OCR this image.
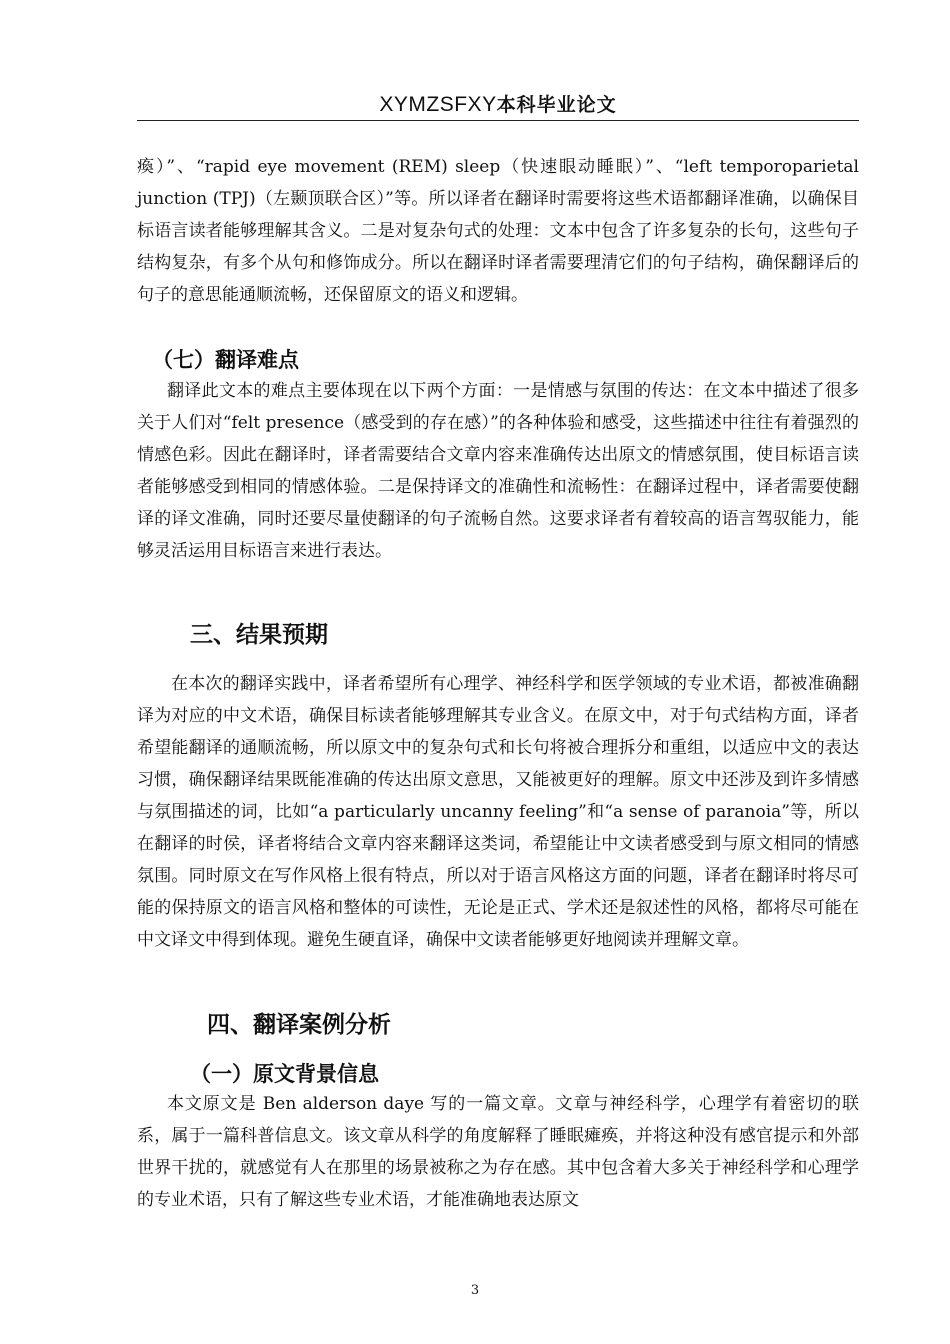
XYMZSFXY本科毕业论文

瘓）”、“rapid eye movement (REM) sleep（快速眼动睡眠）”、“left temporoparietal junction (TPJ)（左颞顶联合区）”等。所以译者在翻译时需要将这些术语都翻译准确，以确保目标语言读者能够理解其含义。二是对复杂句式的处理：文本中包含了许多复杂的长句，这些句子结构复杂，有多个从句和修饰成分。所以在翻译时译者需要理清它们的句子结构，确保翻译后的句子的意思能通顺流畅，还保留原文的语义和逻辑。

（七）翻译难点

翻译此文本的难点主要体现在以下两个方面：一是情感与氛围的传达：在文本中描述了很多关于人们对“felt presence（感受到的存在感）”的各种体验和感受，这些描述中往往有着强烈的情感色彩。因此在翻译时，译者需要结合文章内容来准确传达出原文的情感氛围，使目标语言读者能够感受到相同的情感体验。二是保持译文的准确性和流畅性：在翻译过程中，译者需要使翻译的译文准确，同时还要尽量使翻译的句子流畅自然。这要求译者有着较高的语言驾驭能力，能够灵活运用目标语言来进行表达。

三、结果预期

在本次的翻译实践中，译者希望所有心理学、神经科学和医学领域的专业术语，都被准确翻译为对应的中文术语，确保目标读者能够理解其专业含义。在原文中，对于句式结构方面，译者希望能翻译的通顺流畅，所以原文中的复杂句式和长句将被合理拆分和重组，以适应中文的表达习惯，确保翻译结果既能准确的传达出原文意思，又能被更好的理解。原文中还涉及到许多情感与氛围描述的词，比如“a particularly uncanny feeling”和“a sense of paranoia”等，所以在翻译的时侯，译者将结合文章内容来翻译这类词，希望能让中文读者感受到与原文相同的情感氛围。同时原文在写作风格上很有特点，所以对于语言风格这方面的问题，译者在翻译时将尽可能的保持原文的语言风格和整体的可读性，无论是正式、学术还是叙述性的风格，都将尽可能在中文译文中得到体现。避免生硬直译，确保中文读者能够更好地阅读并理解文章。

四、翻译案例分析
（一）原文背景信息

本文原文是 Ben alderson daye 写的一篇文章。文章与神经科学，心理学有着密切的联系，属于一篇科普信息文。该文章从科学的角度解释了睡眠瘫痪，并将这种没有感官提示和外部世界干扰的，就感觉有人在那里的场景被称之为存在感。其中包含着大多关于神经科学和心理学的专业术语，只有了解这些专业术语，才能准确地表达原文

3
